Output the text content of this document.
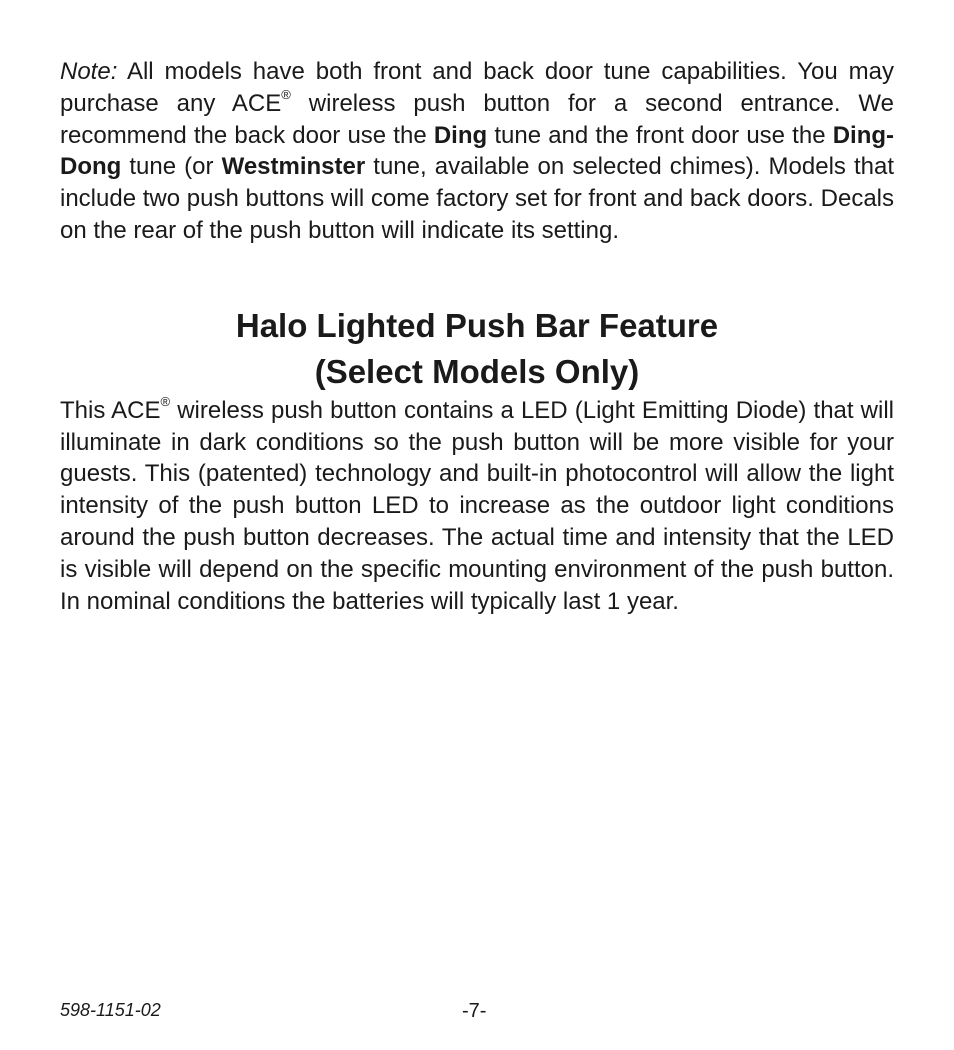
Note: All models have both front and back door tune capabilities. You may purchase any ACE® wireless push button for a second entrance. We recommend the back door use the Ding tune and the front door use the Ding-Dong tune (or Westminster tune, available on selected chimes). Models that include two push buttons will come factory set for front and back doors. Decals on the rear of the push button will indicate its setting.

Halo Lighted Push Bar Feature
(Select Models Only)

This ACE® wireless push button contains a LED (Light Emitting Diode) that will illuminate in dark conditions so the push button will be more visible for your guests. This (patented) technology and built-in photocontrol will allow the light intensity of the push button LED to increase as the outdoor light conditions around the push button decreases. The actual time and intensity that the LED is visible will depend on the specific mounting environment of the push button. In nominal conditions the batteries will typically last 1 year.

598-1151-02	-7-
